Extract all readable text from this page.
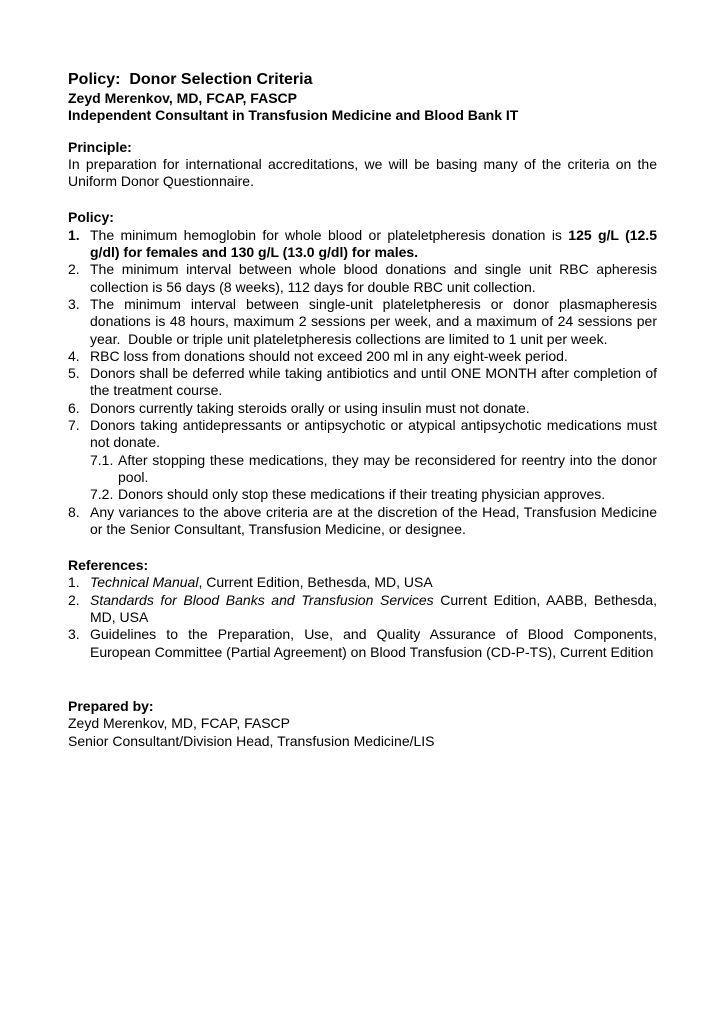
Policy:  Donor Selection Criteria
Zeyd Merenkov, MD, FCAP, FASCP
Independent Consultant in Transfusion Medicine and Blood Bank IT
Principle:
In preparation for international accreditations, we will be basing many of the criteria on the Uniform Donor Questionnaire.
Policy:
1. The minimum hemoglobin for whole blood or plateletpheresis donation is 125 g/L (12.5 g/dl) for females and 130 g/L (13.0 g/dl) for males.
2. The minimum interval between whole blood donations and single unit RBC apheresis collection is 56 days (8 weeks), 112 days for double RBC unit collection.
3. The minimum interval between single-unit plateletpheresis or donor plasmapheresis donations is 48 hours, maximum 2 sessions per week, and a maximum of 24 sessions per year.  Double or triple unit plateletpheresis collections are limited to 1 unit per week.
4. RBC loss from donations should not exceed 200 ml in any eight-week period.
5. Donors shall be deferred while taking antibiotics and until ONE MONTH after completion of the treatment course.
6. Donors currently taking steroids orally or using insulin must not donate.
7. Donors taking antidepressants or antipsychotic or atypical antipsychotic medications must not donate.
7.1. After stopping these medications, they may be reconsidered for reentry into the donor pool.
7.2. Donors should only stop these medications if their treating physician approves.
8. Any variances to the above criteria are at the discretion of the Head, Transfusion Medicine or the Senior Consultant, Transfusion Medicine, or designee.
References:
1. Technical Manual, Current Edition, Bethesda, MD, USA
2. Standards for Blood Banks and Transfusion Services Current Edition, AABB, Bethesda, MD, USA
3. Guidelines to the Preparation, Use, and Quality Assurance of Blood Components, European Committee (Partial Agreement) on Blood Transfusion (CD-P-TS), Current Edition
Prepared by:
Zeyd Merenkov, MD, FCAP, FASCP
Senior Consultant/Division Head, Transfusion Medicine/LIS
